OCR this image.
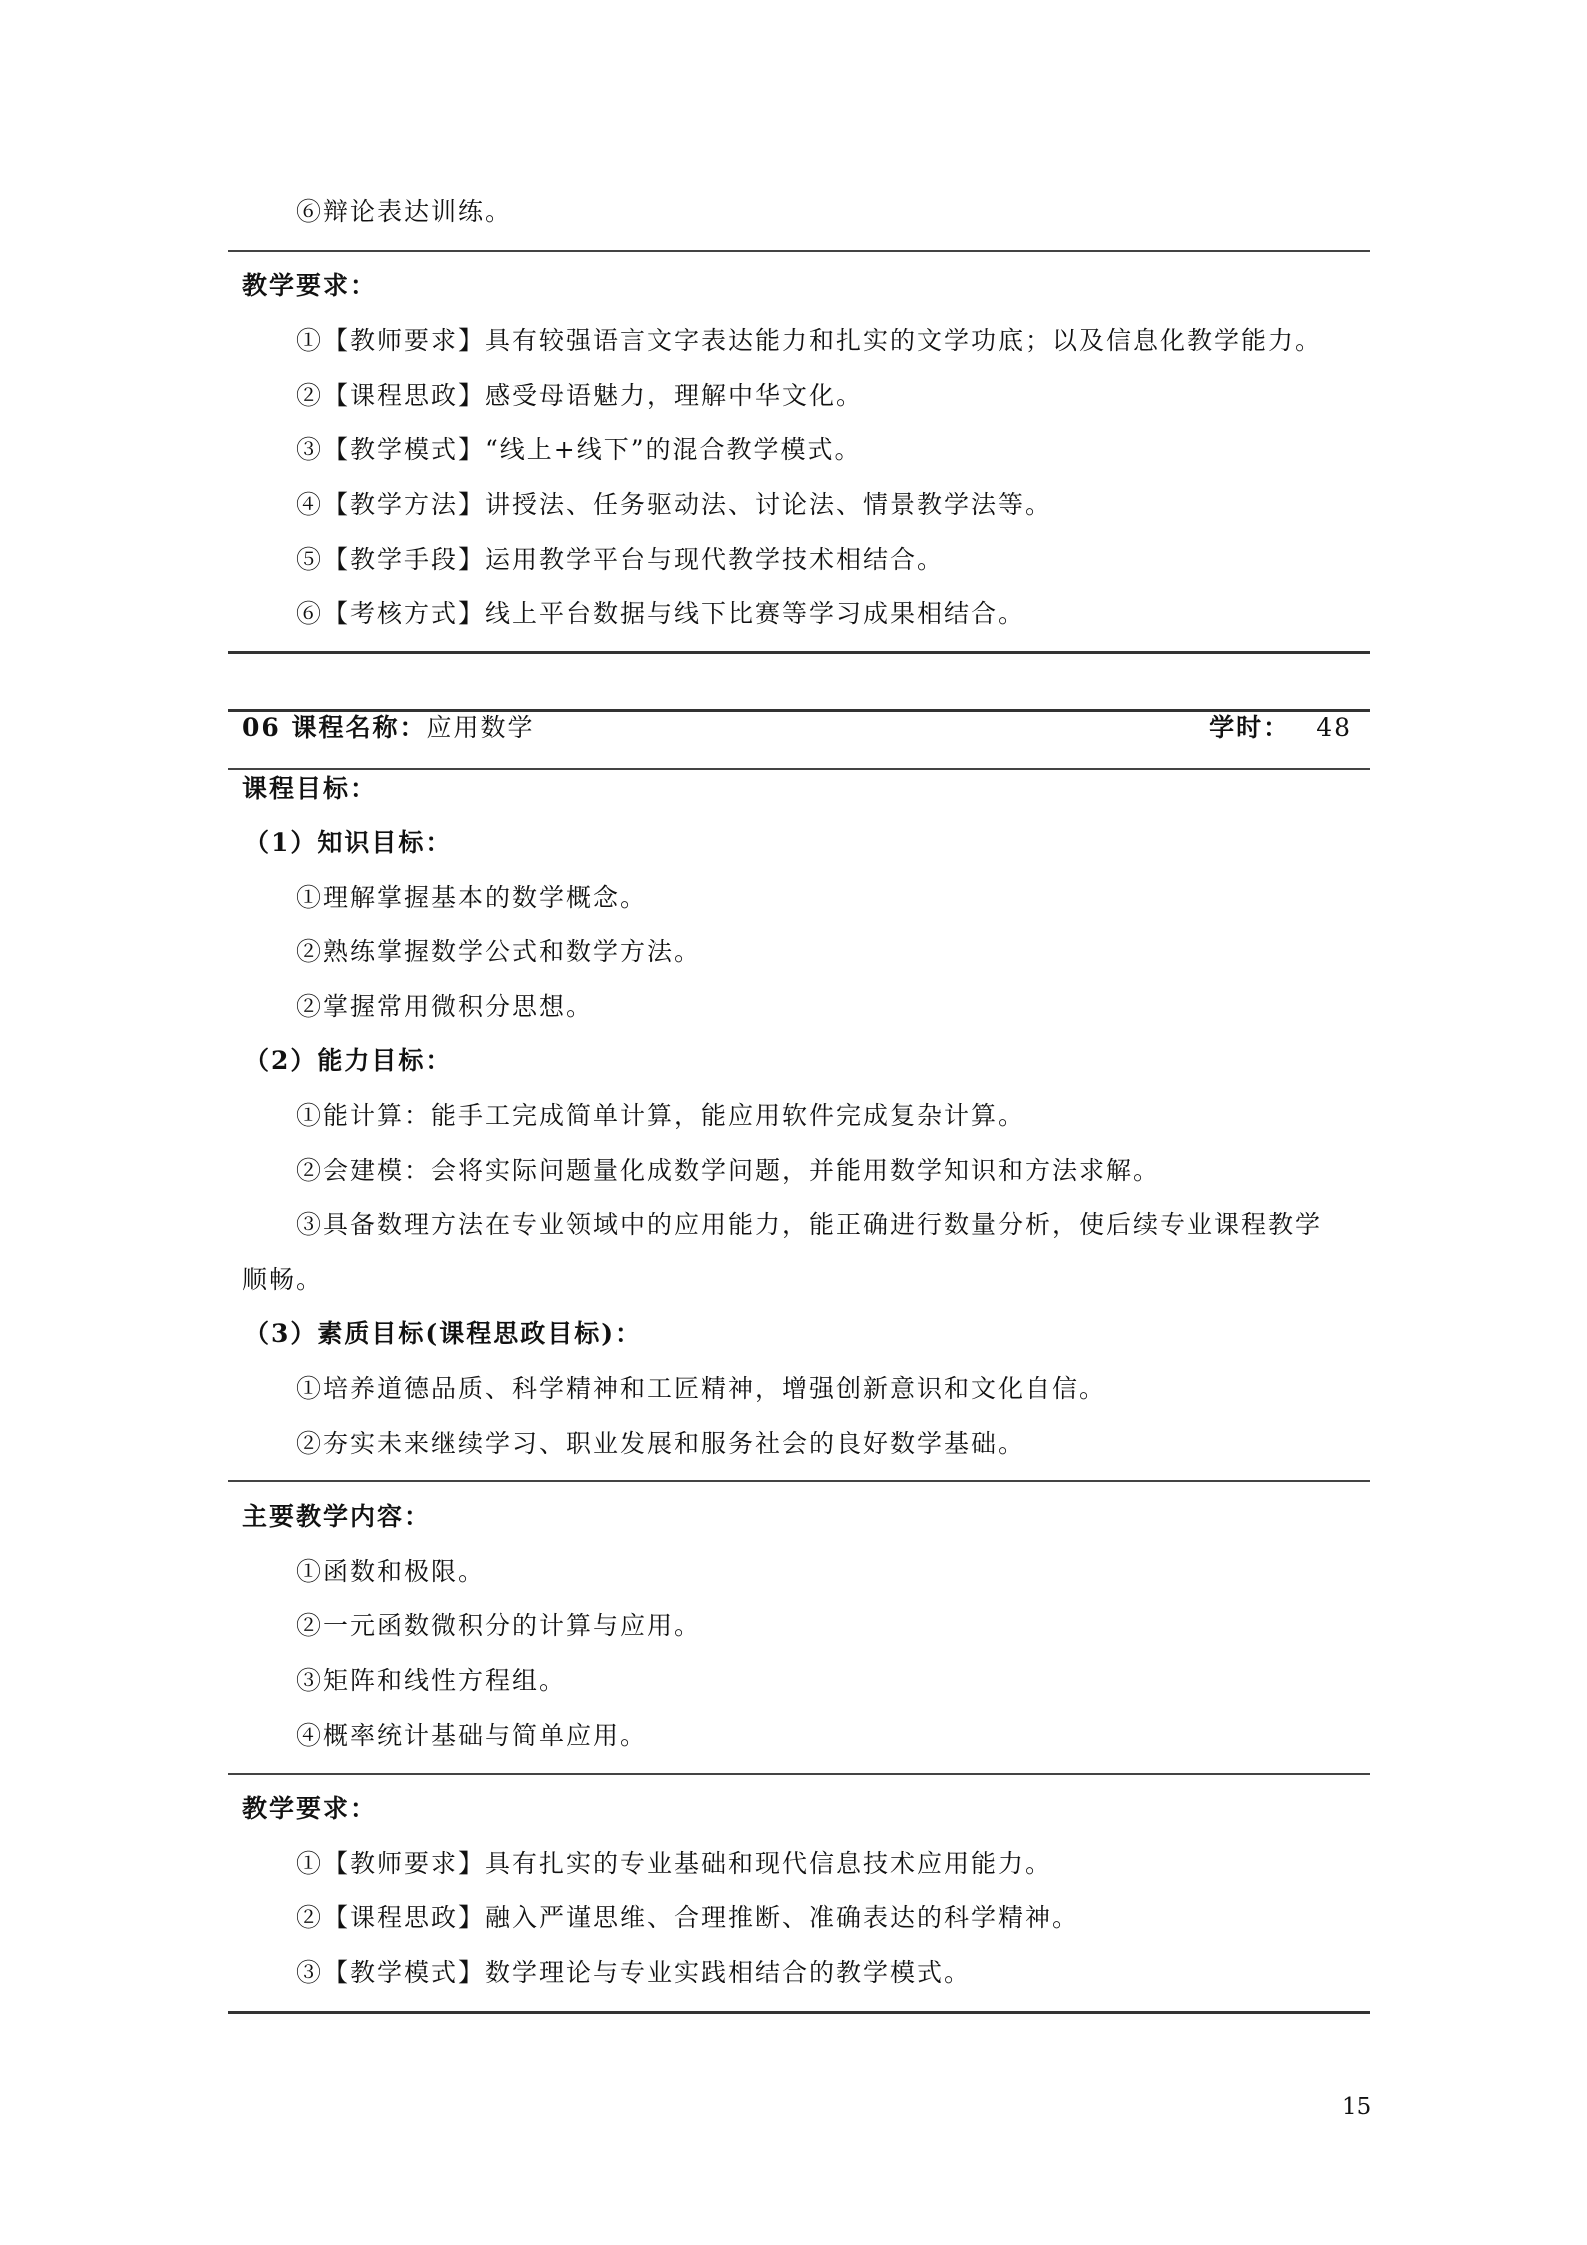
⑥辩论表达训练。
教学要求：
①【教师要求】具有较强语言文字表达能力和扎实的文学功底；以及信息化教学能力。
②【课程思政】感受母语魅力，理解中华文化。
③【教学模式】“线上+线下”的混合教学模式。
④【教学方法】讲授法、任务驱动法、讨论法、情景教学法等。
⑤【教学手段】运用教学平台与现代教学技术相结合。
⑥【考核方式】线上平台数据与线下比赛等学习成果相结合。
06 课程名称：应用数学	学时： 48
课程目标：
（1）知识目标：
①理解掌握基本的数学概念。
②熟练掌握数学公式和数学方法。
②掌握常用微积分思想。
（2）能力目标：
①能计算：能手工完成简单计算，能应用软件完成复杂计算。
②会建模：会将实际问题量化成数学问题，并能用数学知识和方法求解。
③具备数理方法在专业领域中的应用能力，能正确进行数量分析，使后续专业课程教学
顺畅。
（3）素质目标(课程思政目标)：
①培养道德品质、科学精神和工匠精神，增强创新意识和文化自信。
②夯实未来继续学习、职业发展和服务社会的良好数学基础。
主要教学内容：
①函数和极限。
②一元函数微积分的计算与应用。
③矩阵和线性方程组。
④概率统计基础与简单应用。
教学要求：
①【教师要求】具有扎实的专业基础和现代信息技术应用能力。
②【课程思政】融入严谨思维、合理推断、准确表达的科学精神。
③【教学模式】数学理论与专业实践相结合的教学模式。
15
